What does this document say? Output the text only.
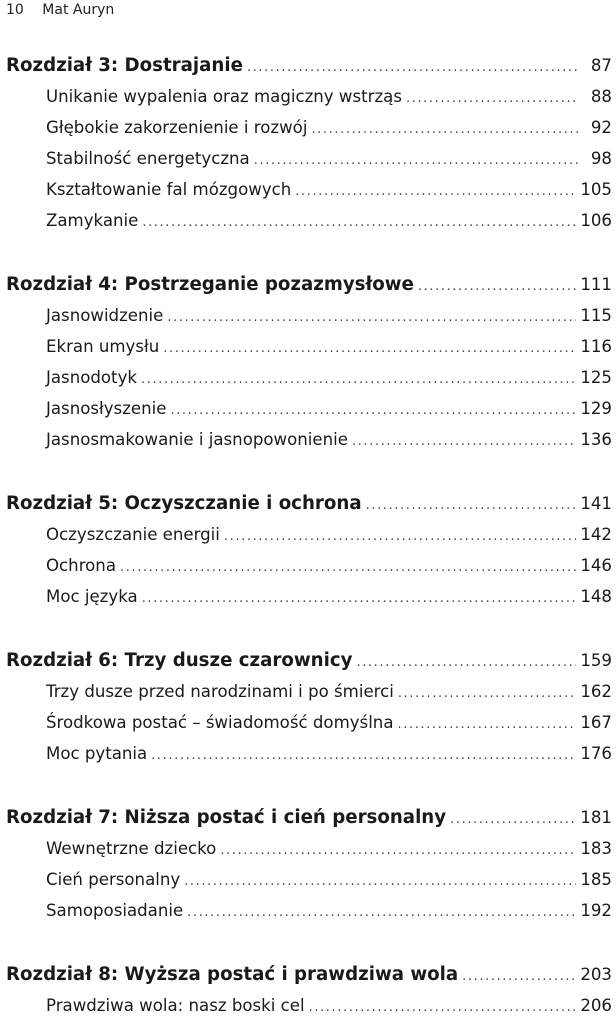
10 Mat Auryn
Rozdział 3: Dostrajanie .....	87
Unikanie wypalenia oraz magiczny wstrząs .....	88
Głębokie zakorzenienie i rozwój .....	92
Stabilność energetyczna .....	98
Kształtowanie fal mózgowych .....	105
Zamykanie .....	106
Rozdział 4: Postrzeganie pozazmysłowe .....	111
Jasnowidzenie .....	115
Ekran umysłu .....	116
Jasnodotyk .....	125
Jasnosłyszenie .....	129
Jasnosmakowanie i jasnopowonienie .....	136
Rozdział 5: Oczyszczanie i ochrona .....	141
Oczyszczanie energii .....	142
Ochrona .....	146
Moc języka .....	148
Rozdział 6: Trzy dusze czarownicy .....	159
Trzy dusze przed narodzinami i po śmierci .....	162
Środkowa postać – świadomość domyślna .....	167
Moc pytania .....	176
Rozdział 7: Niższa postać i cień personalny .....	181
Wewnętrzne dziecko .....	183
Cień personalny .....	185
Samoposiadanie .....	192
Rozdział 8: Wyższa postać i prawdziwa wola .....	203
Prawdziwa wola: nasz boski cel .....	206
